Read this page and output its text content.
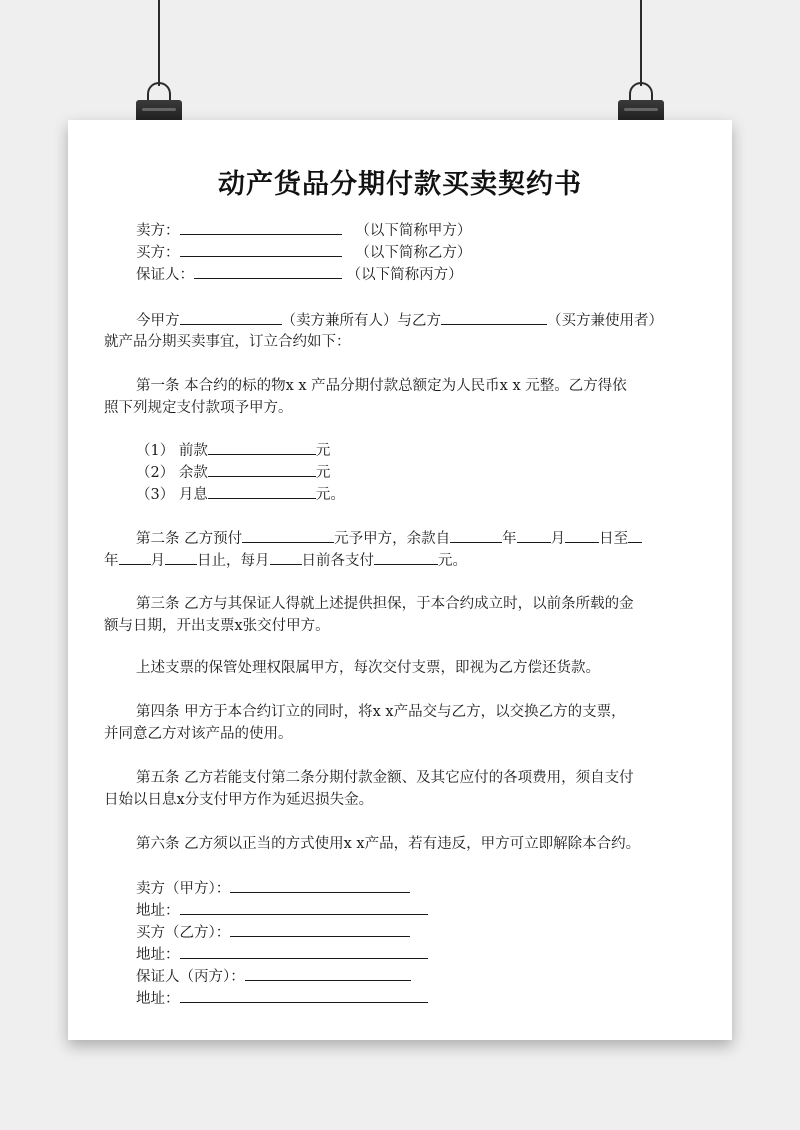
动产货品分期付款买卖契约书
卖方：	（以下简称甲方）
买方：	（以下简称乙方）
保证人：	（以下简称丙方）
今甲方	（卖方兼所有人）与乙方	（买方兼使用者）
就产品分期买卖事宜，订立合约如下：
第一条 本合约的标的物x x 产品分期付款总额定为人民币x x 元整。乙方得依
照下列规定支付款项予甲方。
（1） 前款	元
（2） 余款	元
（3） 月息	元。
第二条 乙方预付	元予甲方，余款自	年 月 日至
年 月 日止，每月 日前各支付	元。
第三条 乙方与其保证人得就上述提供担保，于本合约成立时，以前条所载的金
额与日期，开出支票x张交付甲方。
上述支票的保管处理权限属甲方，每次交付支票，即视为乙方偿还货款。
第四条 甲方于本合约订立的同时，将x x产品交与乙方，以交换乙方的支票，
并同意乙方对该产品的使用。
第五条 乙方若能支付第二条分期付款金额、及其它应付的各项费用，须自支付
日始以日息x分支付甲方作为延迟损失金。
第六条 乙方须以正当的方式使用x x产品，若有违反，甲方可立即解除本合约。
卖方（甲方）：
地址：
买方（乙方）：
地址：
保证人（丙方）：
地址：
